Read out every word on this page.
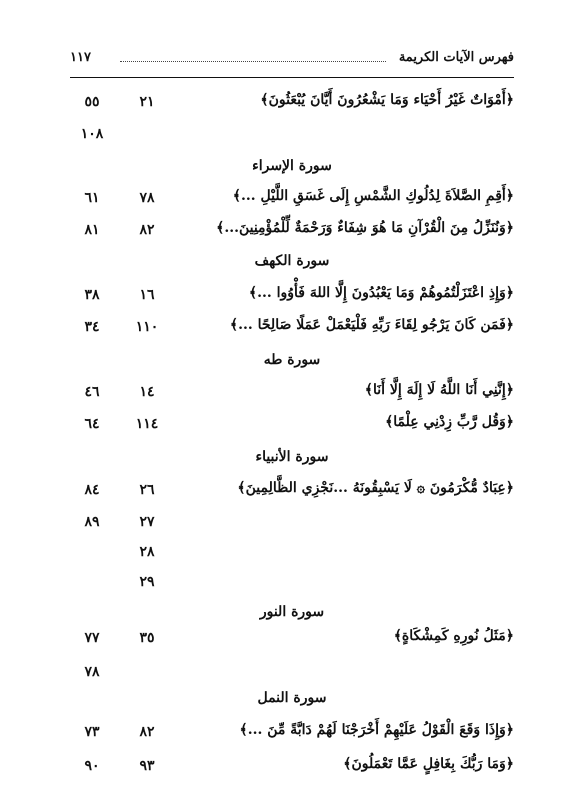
فهرس الآيات الكريمة
١١٧
﴿أَمْوَاتٌ غَيْرُ أَحْيَاء وَمَا يَشْعُرُونَ أَيَّانَ يُبْعَثُونَ﴾
٢١
٥٥
١٠٨
سورة الإسراء
﴿أَقِمِ الصَّلاَةَ لِدُلُوكِ الشَّمْسِ إِلَى غَسَقِ اللَّيْلِ ...﴾
٧٨
٦١
﴿وَنُنَزِّلُ مِنَ الْقُرْآنِ مَا هُوَ شِفَاءٌ وَرَحْمَةٌ لِّلْمُؤْمِنِينَ...﴾
٨٢
٨١
سورة الكهف
﴿وَإِذِ اعْتَزَلْتُمُوهُمْ وَمَا يَعْبُدُونَ إِلَّا اللهَ فَأْوُوا ...﴾
١٦
٣٨
﴿فَمَن كَانَ يَرْجُو لِقَاءَ رَبِّهِ فَلْيَعْمَلْ عَمَلًا صَالِحًا ...﴾
١١٠
٣٤
سورة طه
﴿إِنَّنِي أَنَا اللَّهُ لَا إِلَهَ إِلَّا أَنَا﴾
١٤
٤٦
﴿وَقُل رَّبِّ زِدْنِي عِلْمًا﴾
١١٤
٦٤
سورة الأنبياء
﴿عِبَادٌ مُّكْرَمُونَ ۞ لَا يَسْبِقُونَهُ ...نَجْزِي الظَّالِمِينَ﴾
٢٦
٨٤
٢٧
٨٩
٢٨
٢٩
سورة النور
﴿مَثَلُ نُورِهِ كَمِشْكَاةٍ﴾
٣٥
٧٧
٧٨
سورة النمل
﴿وَإِذَا وَقَعَ الْقَوْلُ عَلَيْهِمْ أَخْرَجْنَا لَهُمْ دَابَّةً مِّنَ ...﴾
٨٢
٧٣
﴿وَمَا رَبُّكَ بِغَافِلٍ عَمَّا تَعْمَلُونَ﴾
٩٣
٩٠
